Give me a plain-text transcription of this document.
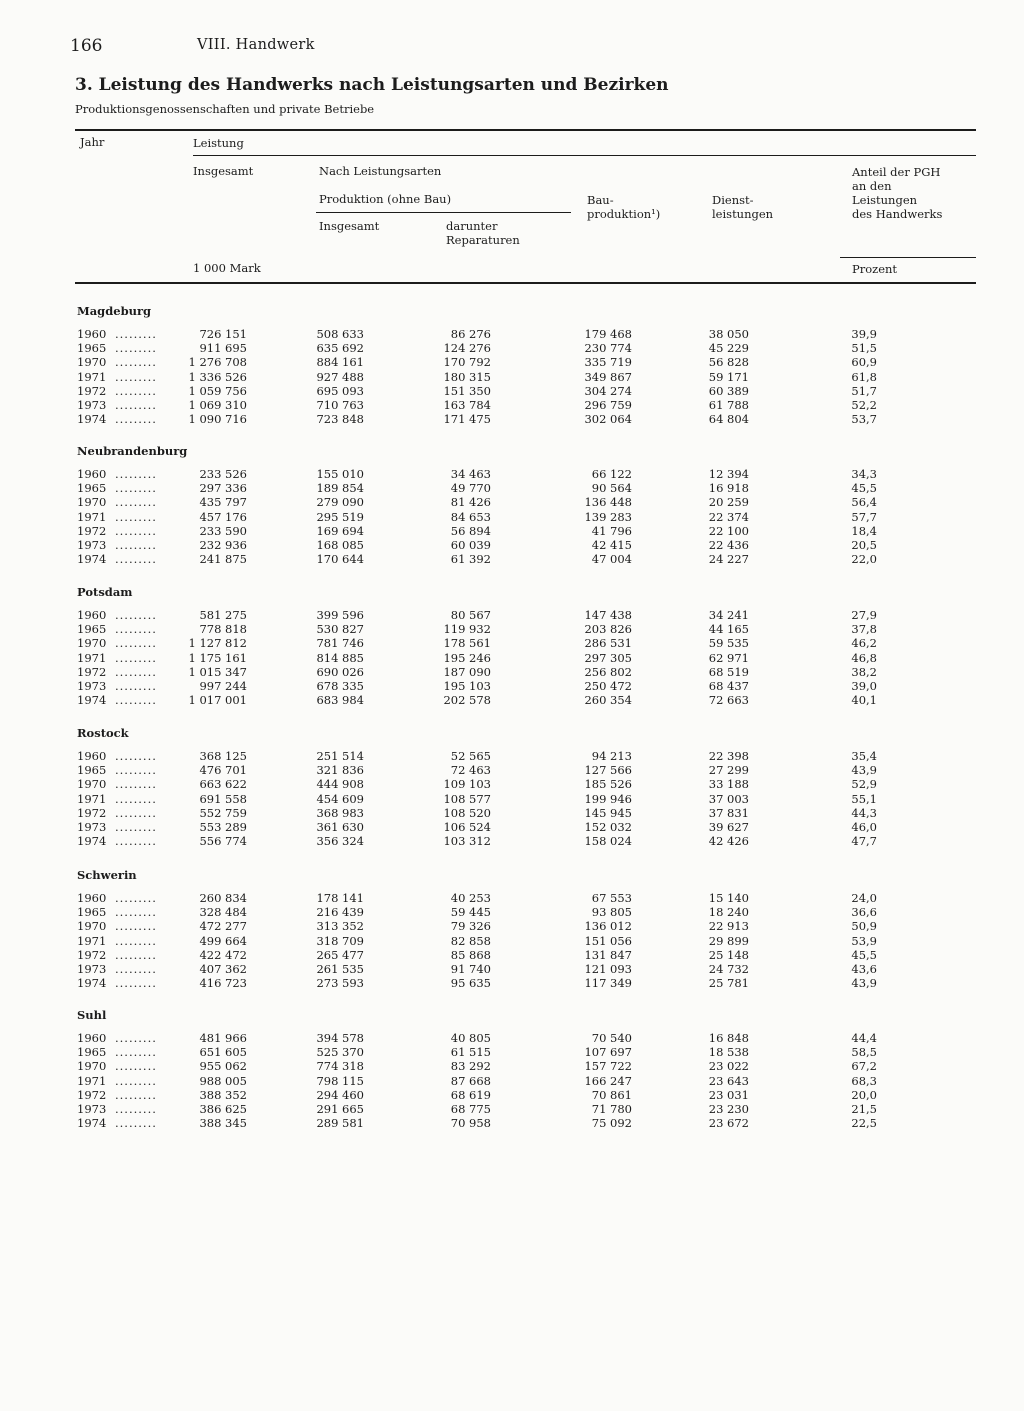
166	VIII. Handwerk
3. Leistung des Handwerks nach Leistungsarten und Bezirken
Produktionsgenossenschaften und private Betriebe
Jahr	Leistung
Insgesamt	Nach Leistungsarten
Produktion (ohne Bau)
Insgesamt	darunter
Reparaturen
Bau-
produktion¹)
Dienst-
leistungen
Anteil der PGH
an den
Leistungen
des Handwerks
1 000 Mark	Prozent
Magdeburg
1960 .........	726 151	508 633	86 276	179 468	38 050	39,9
1965 .........	911 695	635 692	124 276	230 774	45 229	51,5
1970 .........	1 276 708	884 161	170 792	335 719	56 828	60,9
1971 .........	1 336 526	927 488	180 315	349 867	59 171	61,8
1972 .........	1 059 756	695 093	151 350	304 274	60 389	51,7
1973 .........	1 069 310	710 763	163 784	296 759	61 788	52,2
1974 .........	1 090 716	723 848	171 475	302 064	64 804	53,7
Neubrandenburg
1960 .........	233 526	155 010	34 463	66 122	12 394	34,3
1965 .........	297 336	189 854	49 770	90 564	16 918	45,5
1970 .........	435 797	279 090	81 426	136 448	20 259	56,4
1971 .........	457 176	295 519	84 653	139 283	22 374	57,7
1972 .........	233 590	169 694	56 894	41 796	22 100	18,4
1973 .........	232 936	168 085	60 039	42 415	22 436	20,5
1974 .........	241 875	170 644	61 392	47 004	24 227	22,0
Potsdam
1960 .........	581 275	399 596	80 567	147 438	34 241	27,9
1965 .........	778 818	530 827	119 932	203 826	44 165	37,8
1970 .........	1 127 812	781 746	178 561	286 531	59 535	46,2
1971 .........	1 175 161	814 885	195 246	297 305	62 971	46,8
1972 .........	1 015 347	690 026	187 090	256 802	68 519	38,2
1973 .........	997 244	678 335	195 103	250 472	68 437	39,0
1974 .........	1 017 001	683 984	202 578	260 354	72 663	40,1
Rostock
1960 .........	368 125	251 514	52 565	94 213	22 398	35,4
1965 .........	476 701	321 836	72 463	127 566	27 299	43,9
1970 .........	663 622	444 908	109 103	185 526	33 188	52,9
1971 .........	691 558	454 609	108 577	199 946	37 003	55,1
1972 .........	552 759	368 983	108 520	145 945	37 831	44,3
1973 .........	553 289	361 630	106 524	152 032	39 627	46,0
1974 .........	556 774	356 324	103 312	158 024	42 426	47,7
Schwerin
1960 .........	260 834	178 141	40 253	67 553	15 140	24,0
1965 .........	328 484	216 439	59 445	93 805	18 240	36,6
1970 .........	472 277	313 352	79 326	136 012	22 913	50,9
1971 .........	499 664	318 709	82 858	151 056	29 899	53,9
1972 .........	422 472	265 477	85 868	131 847	25 148	45,5
1973 .........	407 362	261 535	91 740	121 093	24 732	43,6
1974 .........	416 723	273 593	95 635	117 349	25 781	43,9
Suhl
1960 .........	481 966	394 578	40 805	70 540	16 848	44,4
1965 .........	651 605	525 370	61 515	107 697	18 538	58,5
1970 .........	955 062	774 318	83 292	157 722	23 022	67,2
1971 .........	988 005	798 115	87 668	166 247	23 643	68,3
1972 .........	388 352	294 460	68 619	70 861	23 031	20,0
1973 .........	386 625	291 665	68 775	71 780	23 230	21,5
1974 .........	388 345	289 581	70 958	75 092	23 672	22,5
